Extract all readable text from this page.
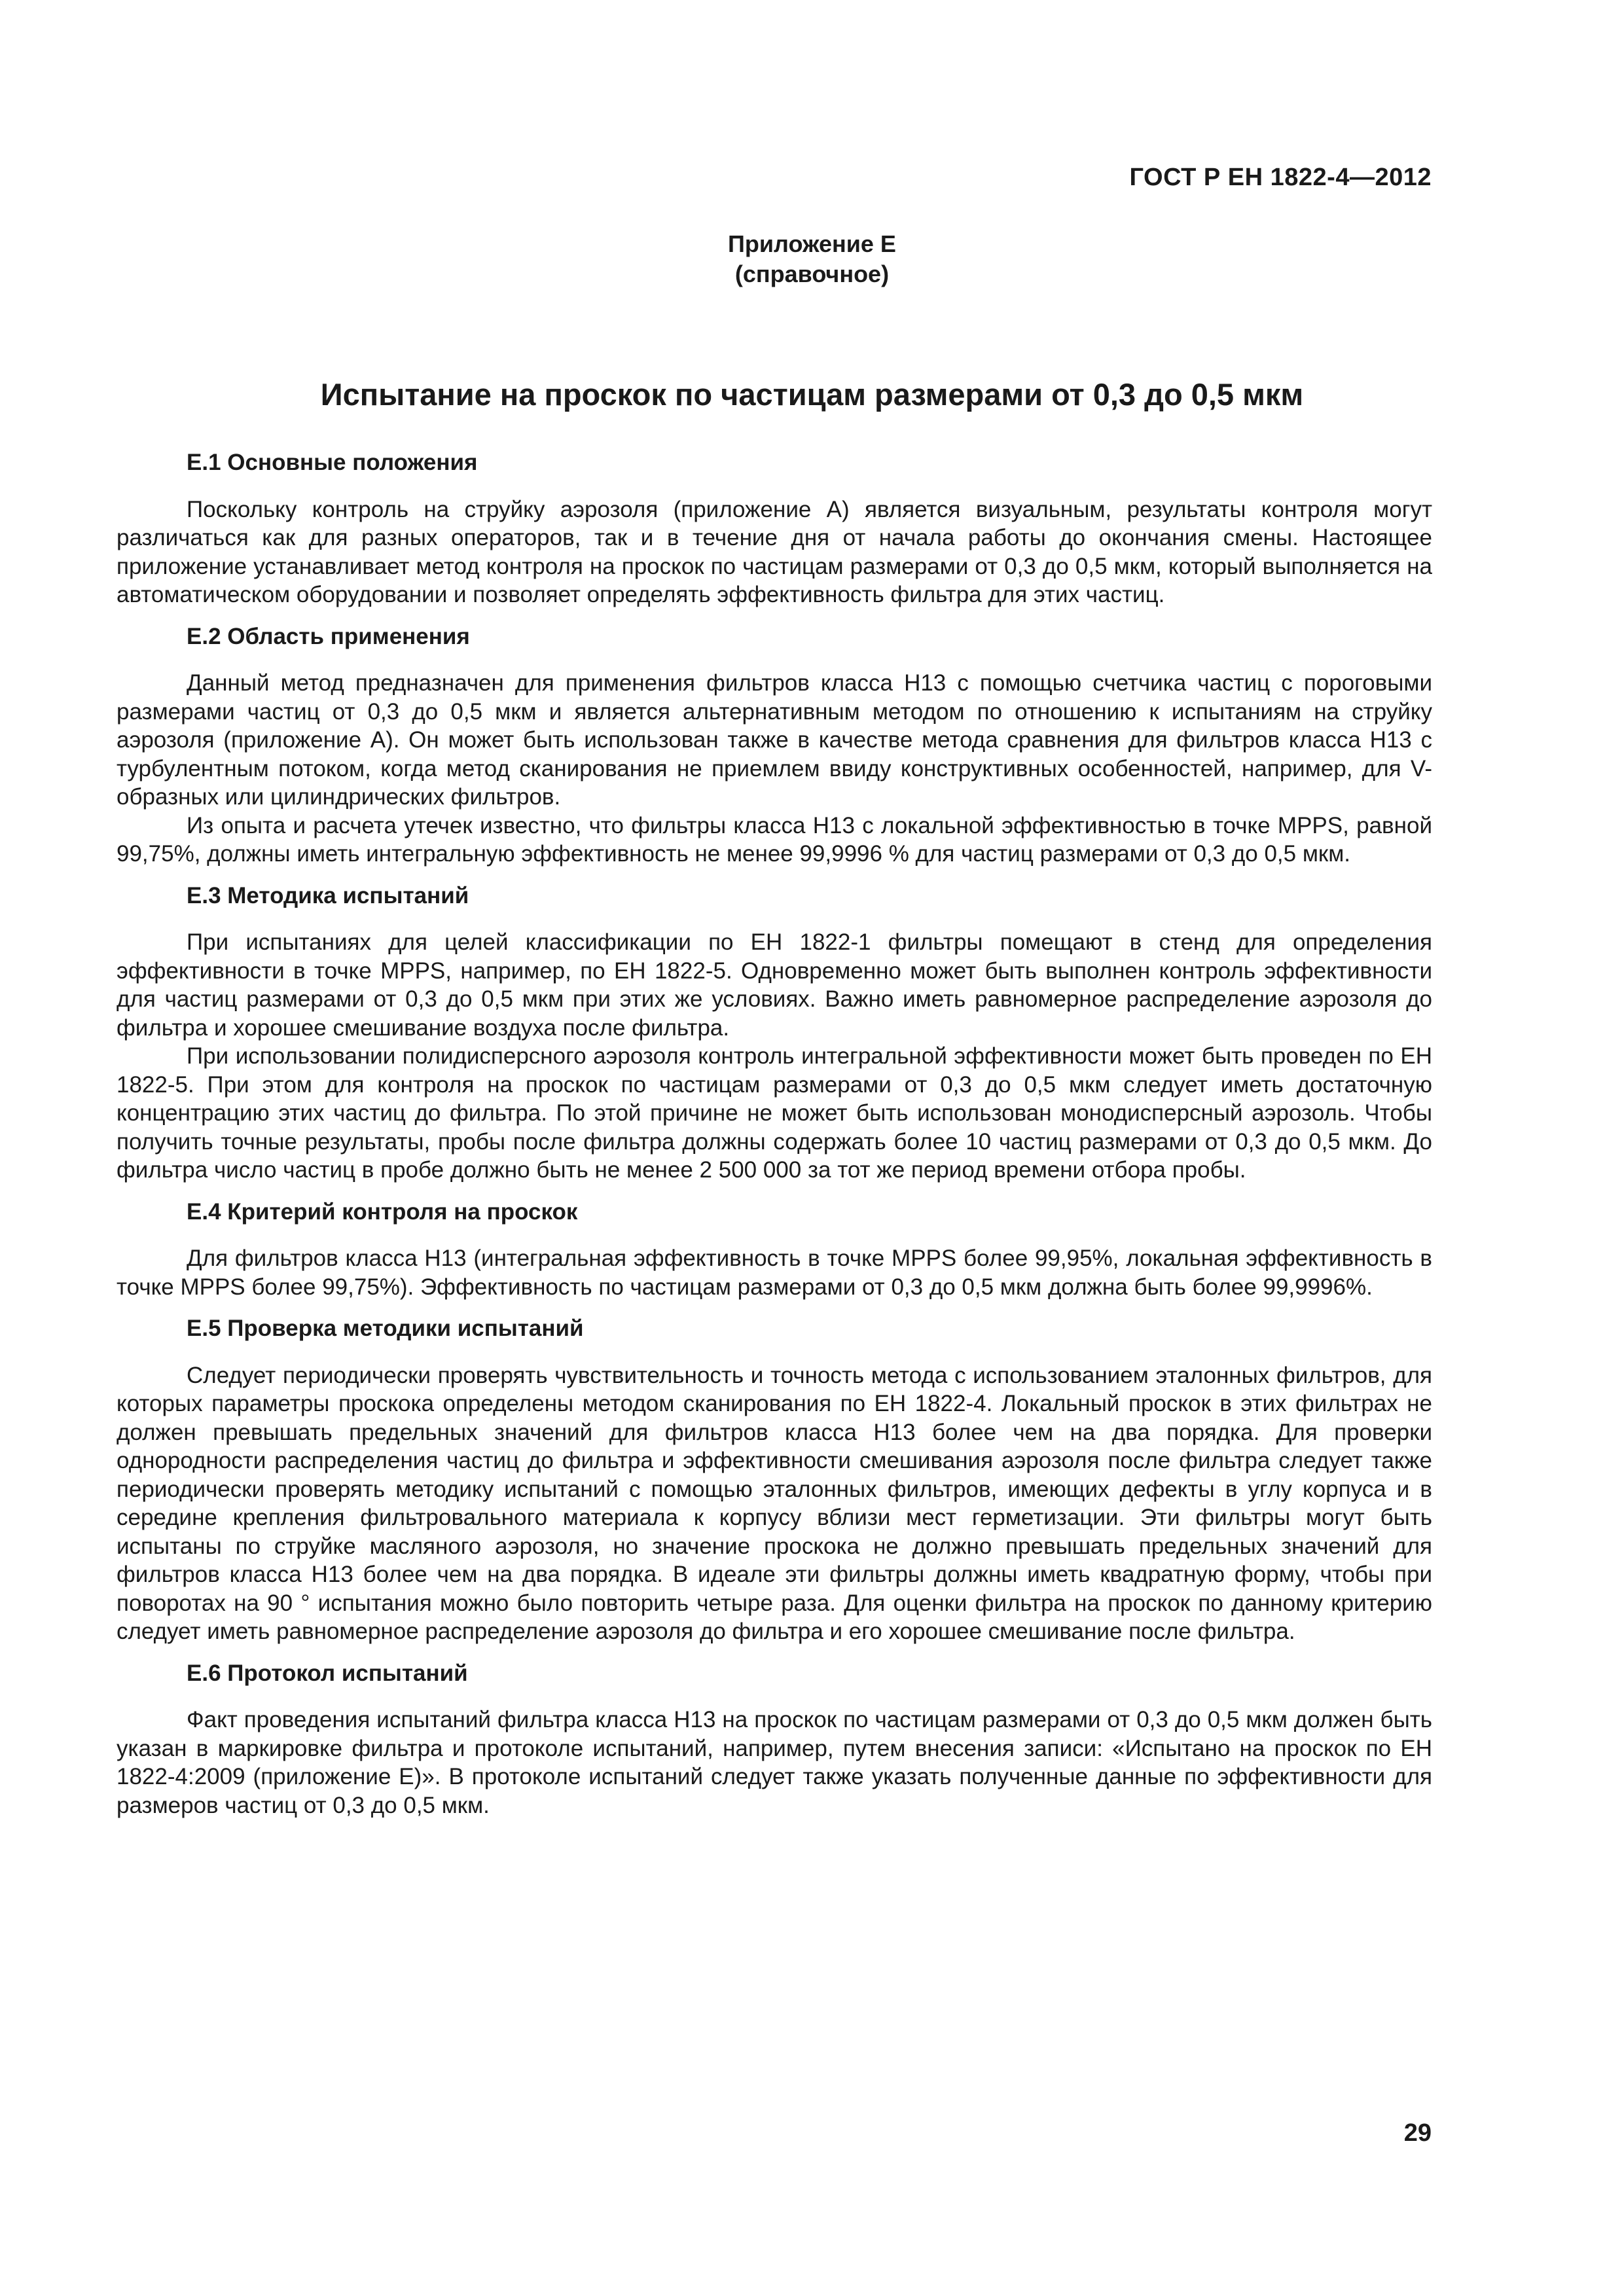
ГОСТ Р ЕН 1822-4—2012
Приложение Е
(справочное)
Испытание на проскок по частицам размерами от 0,3 до 0,5 мкм
Е.1 Основные положения

Поскольку контроль на струйку аэрозоля (приложение А) является визуальным, результаты контроля могут различаться как для разных операторов, так и в течение дня от начала работы до окончания смены. Настоящее приложение устанавливает метод контроля на проскок по частицам размерами от 0,3 до 0,5 мкм, который выполняется на автоматическом оборудовании и позволяет определять эффективность фильтра для этих частиц.

Е.2 Область применения

Данный метод предназначен для применения фильтров класса Н13 с помощью счетчика частиц с пороговыми размерами частиц от 0,3 до 0,5 мкм и является альтернативным методом по отношению к испытаниям на струйку аэрозоля (приложение А). Он может быть использован также в качестве метода сравнения для фильтров класса Н13 с турбулентным потоком, когда метод сканирования не приемлем ввиду конструктивных особенностей, например, для V-образных или цилиндрических фильтров.

Из опыта и расчета утечек известно, что фильтры класса Н13 с локальной эффективностью в точке MPPS, равной 99,75%, должны иметь интегральную эффективность не менее 99,9996 % для частиц размерами от 0,3 до 0,5 мкм.

Е.3 Методика испытаний

При испытаниях для целей классификации по ЕН 1822-1 фильтры помещают в стенд для определения эффективности в точке MPPS, например, по ЕН 1822-5. Одновременно может быть выполнен контроль эффективности для частиц размерами от 0,3 до 0,5 мкм при этих же условиях. Важно иметь равномерное распределение аэрозоля до фильтра и хорошее смешивание воздуха после фильтра.

При использовании полидисперсного аэрозоля контроль интегральной эффективности может быть проведен по ЕН 1822-5. При этом для контроля на проскок по частицам размерами от 0,3 до 0,5 мкм следует иметь достаточную концентрацию этих частиц до фильтра. По этой причине не может быть использован монодисперсный аэрозоль. Чтобы получить точные результаты, пробы после фильтра должны содержать более 10 частиц размерами от 0,3 до 0,5 мкм. До фильтра число частиц в пробе должно быть не менее 2 500 000 за тот же период времени отбора пробы.

Е.4 Критерий контроля на проскок

Для фильтров класса Н13 (интегральная эффективность в точке MPPS более 99,95%, локальная эффективность в точке MPPS более 99,75%). Эффективность по частицам размерами от 0,3 до 0,5 мкм должна быть более 99,9996%.

Е.5 Проверка методики испытаний

Следует периодически проверять чувствительность и точность метода с использованием эталонных фильтров, для которых параметры проскока определены методом сканирования по ЕН 1822-4. Локальный проскок в этих фильтрах не должен превышать предельных значений для фильтров класса Н13 более чем на два порядка. Для проверки однородности распределения частиц до фильтра и эффективности смешивания аэрозоля после фильтра следует также периодически проверять методику испытаний с помощью эталонных фильтров, имеющих дефекты в углу корпуса и в середине крепления фильтровального материала к корпусу вблизи мест герметизации. Эти фильтры могут быть испытаны по струйке масляного аэрозоля, но значение проскока не должно превышать предельных значений для фильтров класса Н13 более чем на два порядка. В идеале эти фильтры должны иметь квадратную форму, чтобы при поворотах на 90 ° испытания можно было повторить четыре раза. Для оценки фильтра на проскок по данному критерию следует иметь равномерное распределение аэрозоля до фильтра и его хорошее смешивание после фильтра.

Е.6 Протокол испытаний

Факт проведения испытаний фильтра класса Н13 на проскок по частицам размерами от 0,3 до 0,5 мкм должен быть указан в маркировке фильтра и протоколе испытаний, например, путем внесения записи: «Испытано на проскок по ЕН 1822-4:2009 (приложение Е)». В протоколе испытаний следует также указать полученные данные по эффективности для размеров частиц от 0,3 до 0,5 мкм.

29
